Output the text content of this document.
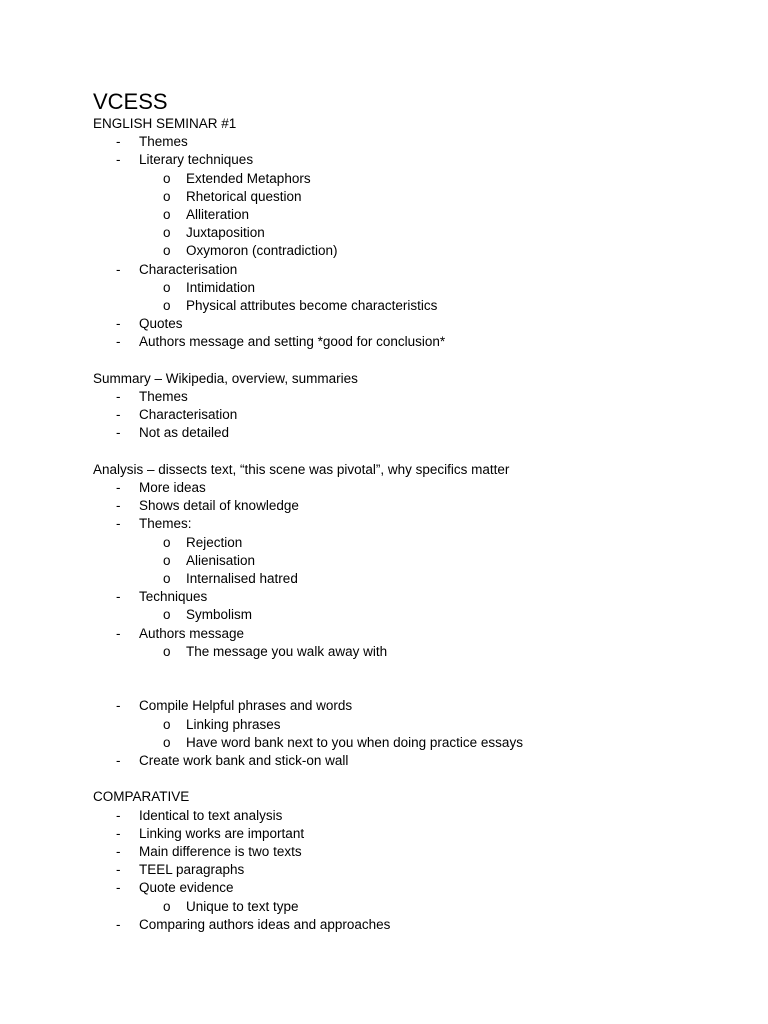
VCESS
ENGLISH SEMINAR #1
- Themes
- Literary techniques
o Extended Metaphors
o Rhetorical question
o Alliteration
o Juxtaposition
o Oxymoron (contradiction)
- Characterisation
o Intimidation
o Physical attributes become characteristics
- Quotes
- Authors message and setting *good for conclusion*
Summary – Wikipedia, overview, summaries
- Themes
- Characterisation
- Not as detailed
Analysis – dissects text, “this scene was pivotal”, why specifics matter
- More ideas
- Shows detail of knowledge
- Themes:
o Rejection
o Alienisation
o Internalised hatred
- Techniques
o Symbolism
- Authors message
o The message you walk away with
- Compile Helpful phrases and words
o Linking phrases
o Have word bank next to you when doing practice essays
- Create work bank and stick-on wall
COMPARATIVE
- Identical to text analysis
- Linking works are important
- Main difference is two texts
- TEEL paragraphs
- Quote evidence
o Unique to text type
- Comparing authors ideas and approaches
